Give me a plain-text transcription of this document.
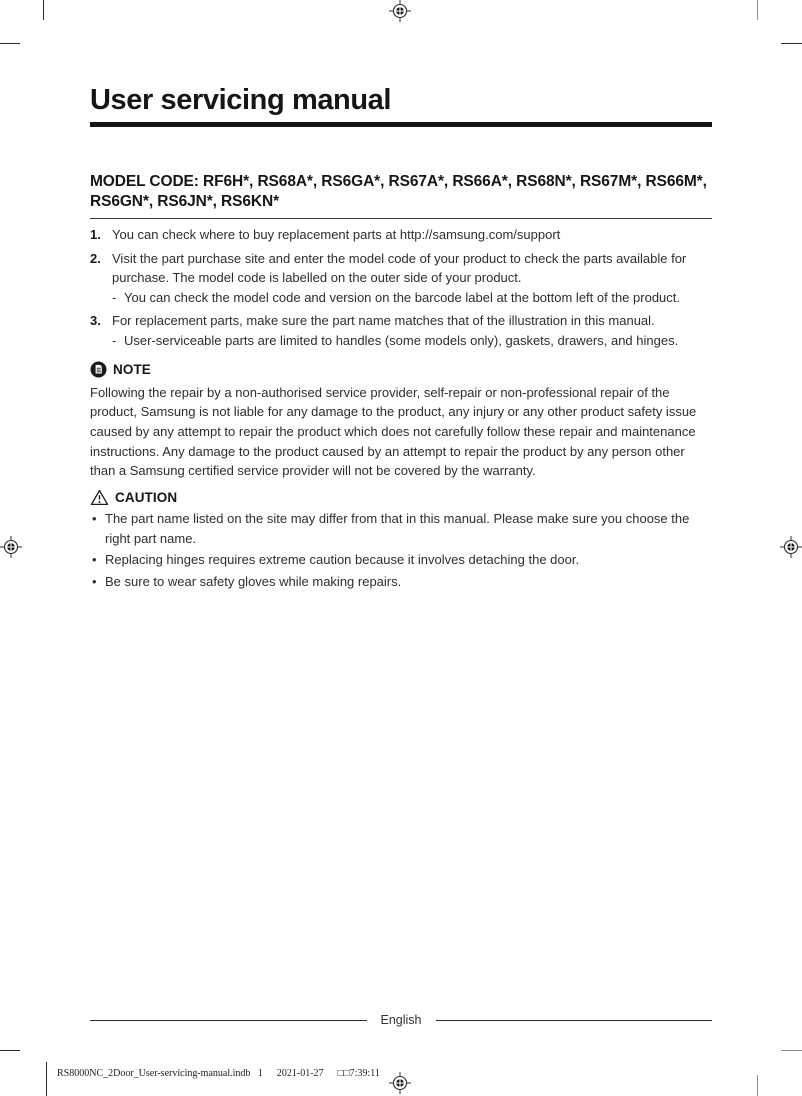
User servicing manual
MODEL CODE: RF6H*, RS68A*, RS6GA*, RS67A*, RS66A*, RS68N*, RS67M*, RS66M*, RS6GN*, RS6JN*, RS6KN*
1. You can check where to buy replacement parts at http://samsung.com/support
2. Visit the part purchase site and enter the model code of your product to check the parts available for purchase. The model code is labelled on the outer side of your product.
- You can check the model code and version on the barcode label at the bottom left of the product.
3. For replacement parts, make sure the part name matches that of the illustration in this manual.
- User-serviceable parts are limited to handles (some models only), gaskets, drawers, and hinges.
NOTE
Following the repair by a non-authorised service provider, self-repair or non-professional repair of the product, Samsung is not liable for any damage to the product, any injury or any other product safety issue caused by any attempt to repair the product which does not carefully follow these repair and maintenance instructions. Any damage to the product caused by an attempt to repair the product by any person other than a Samsung certified service provider will not be covered by the warranty.
CAUTION
• The part name listed on the site may differ from that in this manual. Please make sure you choose the right part name.
• Replacing hinges requires extreme caution because it involves detaching the door.
• Be sure to wear safety gloves while making repairs.
English
RS8000NC_2Door_User-servicing-manual.indb   1 2021-01-27 □□7:39:11
